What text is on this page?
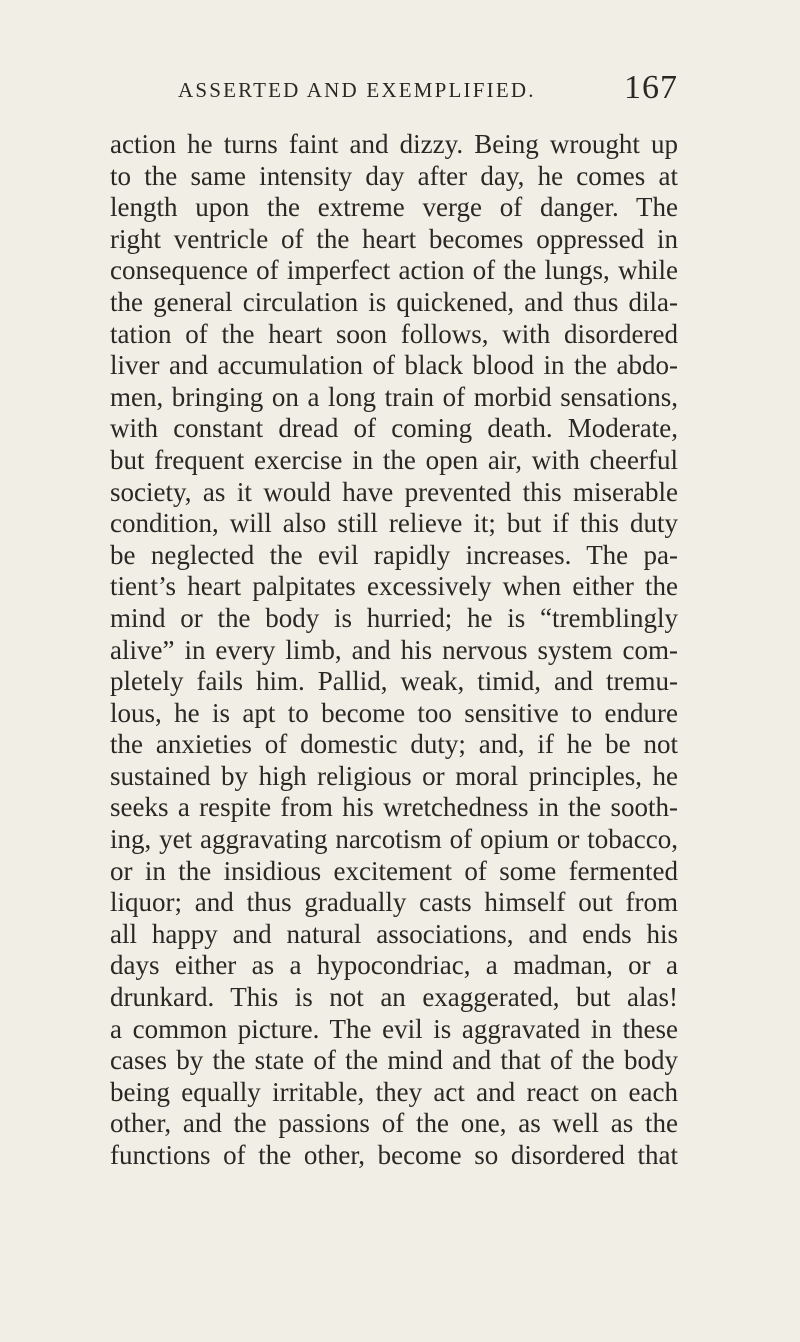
ASSERTED AND EXEMPLIFIED.	167
action he turns faint and dizzy. Being wrought up
to the same intensity day after day, he comes at
length upon the extreme verge of danger. The
right ventricle of the heart becomes oppressed in
consequence of imperfect action of the lungs, while
the general circulation is quickened, and thus dila-
tation of the heart soon follows, with disordered
liver and accumulation of black blood in the abdo-
men, bringing on a long train of morbid sensations,
with constant dread of coming death. Moderate,
but frequent exercise in the open air, with cheerful
society, as it would have prevented this miserable
condition, will also still relieve it; but if this duty
be neglected the evil rapidly increases. The pa-
tient’s heart palpitates excessively when either the
mind or the body is hurried; he is “tremblingly
alive” in every limb, and his nervous system com-
pletely fails him. Pallid, weak, timid, and tremu-
lous, he is apt to become too sensitive to endure
the anxieties of domestic duty; and, if he be not
sustained by high religious or moral principles, he
seeks a respite from his wretchedness in the sooth-
ing, yet aggravating narcotism of opium or tobacco,
or in the insidious excitement of some fermented
liquor; and thus gradually casts himself out from
all happy and natural associations, and ends his
days either as a hypocondriac, a madman, or a
drunkard. This is not an exaggerated, but alas!
a common picture. The evil is aggravated in these
cases by the state of the mind and that of the body
being equally irritable, they act and react on each
other, and the passions of the one, as well as the
functions of the other, become so disordered that
